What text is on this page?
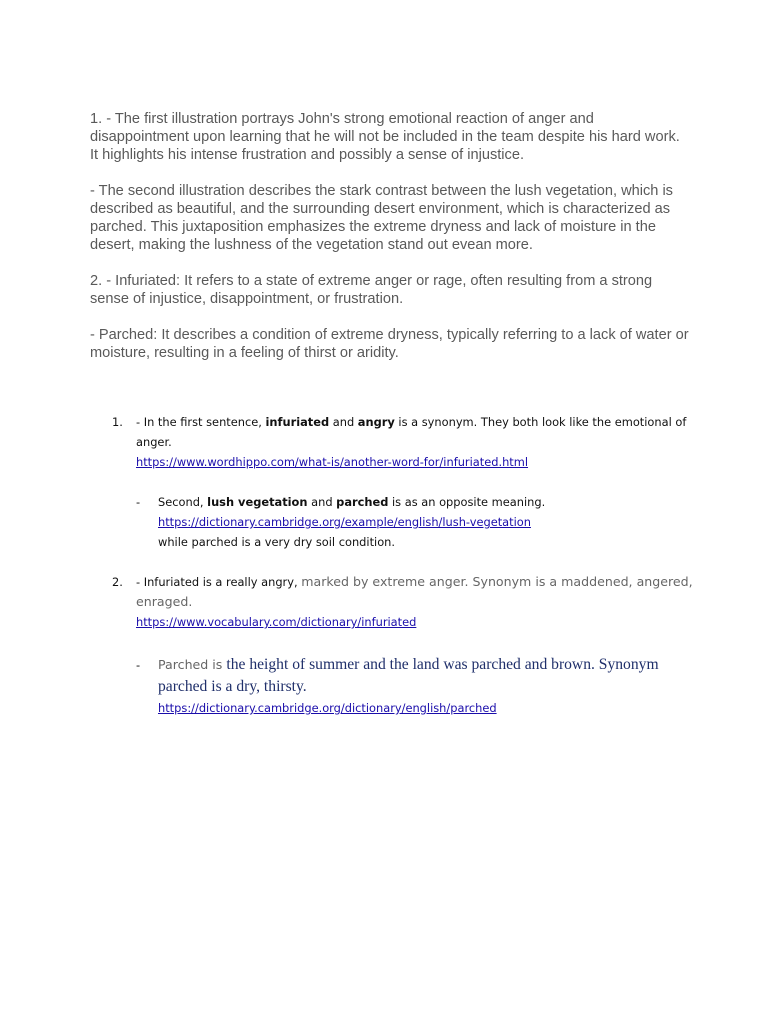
1. - The first illustration portrays John's strong emotional reaction of anger and disappointment upon learning that he will not be included in the team despite his hard work. It highlights his intense frustration and possibly a sense of injustice.

- The second illustration describes the stark contrast between the lush vegetation, which is described as beautiful, and the surrounding desert environment, which is characterized as parched. This juxtaposition emphasizes the extreme dryness and lack of moisture in the desert, making the lushness of the vegetation stand out evean more.

2. - Infuriated: It refers to a state of extreme anger or rage, often resulting from a strong sense of injustice, disappointment, or frustration.

- Parched: It describes a condition of extreme dryness, typically referring to a lack of water or moisture, resulting in a feeling of thirst or aridity.

1. - In the first sentence, infuriated and angry is a synonym. They both look like the emotional of
anger.
https://www.wordhippo.com/what-is/another-word-for/infuriated.html
- Second, lush vegetation and parched is as an opposite meaning.
https://dictionary.cambridge.org/example/english/lush-vegetation
while parched is a very dry soil condition.
2. - Infuriated is a really angry, marked by extreme anger. Synonym is a maddened, angered,
enraged.
https://www.vocabulary.com/dictionary/infuriated
- Parched is the height of summer and the land was parched and brown. Synonym
parched is a dry, thirsty.
https://dictionary.cambridge.org/dictionary/english/parched
